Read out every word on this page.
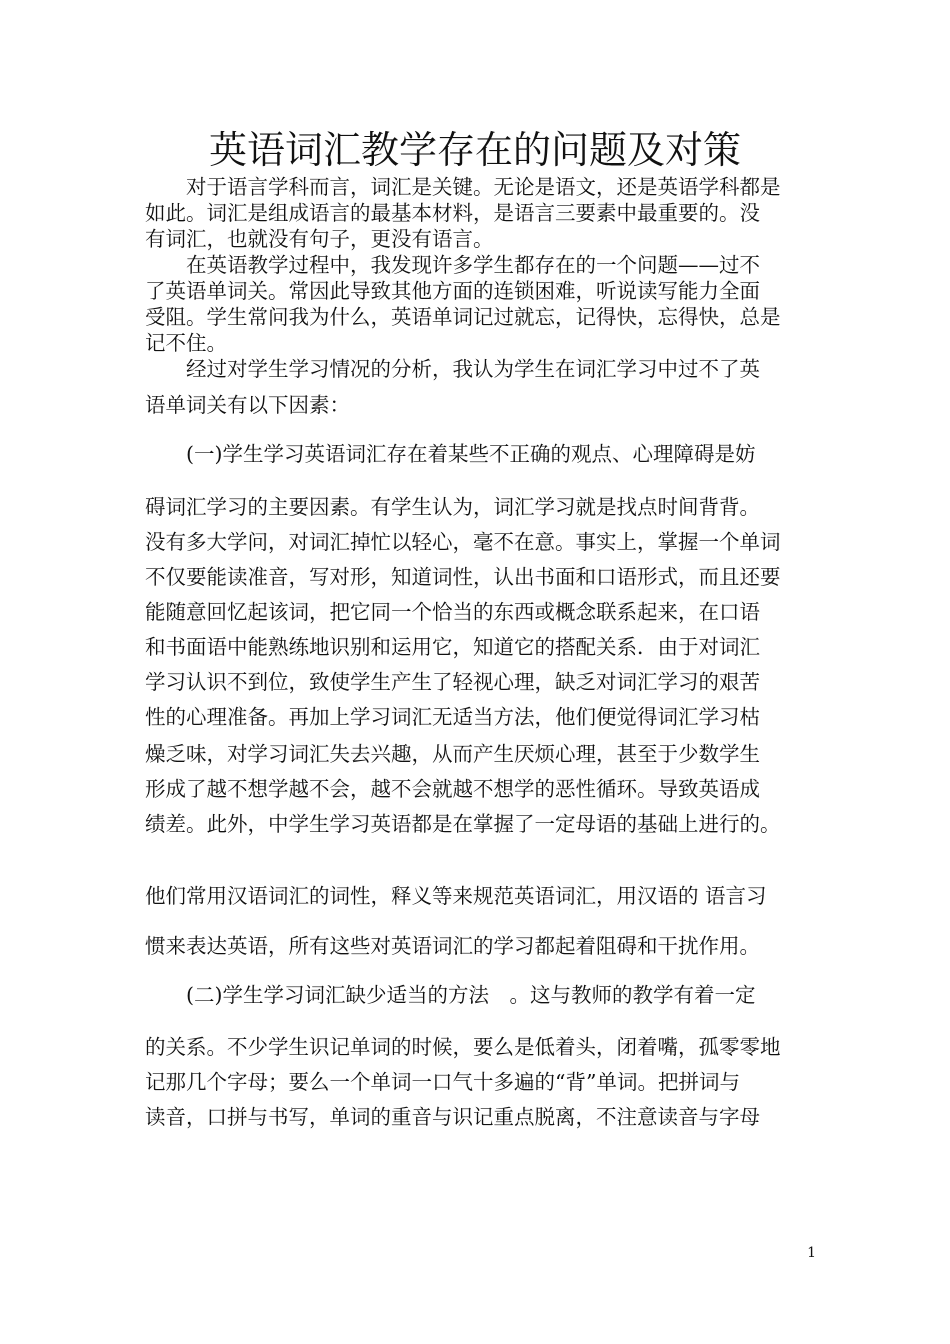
英语词汇教学存在的问题及对策

　　对于语言学科而言，词汇是关键。无论是语文，还是英语学科都是

如此。词汇是组成语言的最基本材料，是语言三要素中最重要的。没

有词汇，也就没有句子，更没有语言。

　　在英语教学过程中，我发现许多学生都存在的一个问题——过不

了英语单词关。常因此导致其他方面的连锁困难，听说读写能力全面

受阻。学生常问我为什么，英语单词记过就忘，记得快，忘得快，总是

记不住。

　　经过对学生学习情况的分析，我认为学生在词汇学习中过不了英

语单词关有以下因素：

　　(一)学生学习英语词汇存在着某些不正确的观点、心理障碍是妨

碍词汇学习的主要因素。有学生认为，词汇学习就是找点时间背背。

没有多大学问，对词汇掉忙以轻心，毫不在意。事实上，掌握一个单词

不仅要能读准音，写对形，知道词性，认出书面和口语形式，而且还要

能随意回忆起该词，把它同一个恰当的东西或概念联系起来，在口语

和书面语中能熟练地识别和运用它，知道它的搭配关系．由于对词汇

学习认识不到位，致使学生产生了轻视心理，缺乏对词汇学习的艰苦

性的心理准备。再加上学习词汇无适当方法，他们便觉得词汇学习枯

燥乏味，对学习词汇失去兴趣，从而产生厌烦心理，甚至于少数学生

形成了越不想学越不会，越不会就越不想学的恶性循环。导致英语成

绩差。此外，中学生学习英语都是在掌握了一定母语的基础上进行的。

他们常用汉语词汇的词性，释义等来规范英语词汇，用汉语的 语言习

惯来表达英语，所有这些对英语词汇的学习都起着阻碍和干扰作用。

　　(二)学生学习词汇缺少适当的方法　。这与教师的教学有着一定

的关系。不少学生识记单词的时候，要么是低着头，闭着嘴，孤零零地

记那几个字母；要么一个单词一口气十多遍的“背”单词。把拼词与

读音，口拼与书写，单词的重音与识记重点脱离，不注意读音与字母

1
